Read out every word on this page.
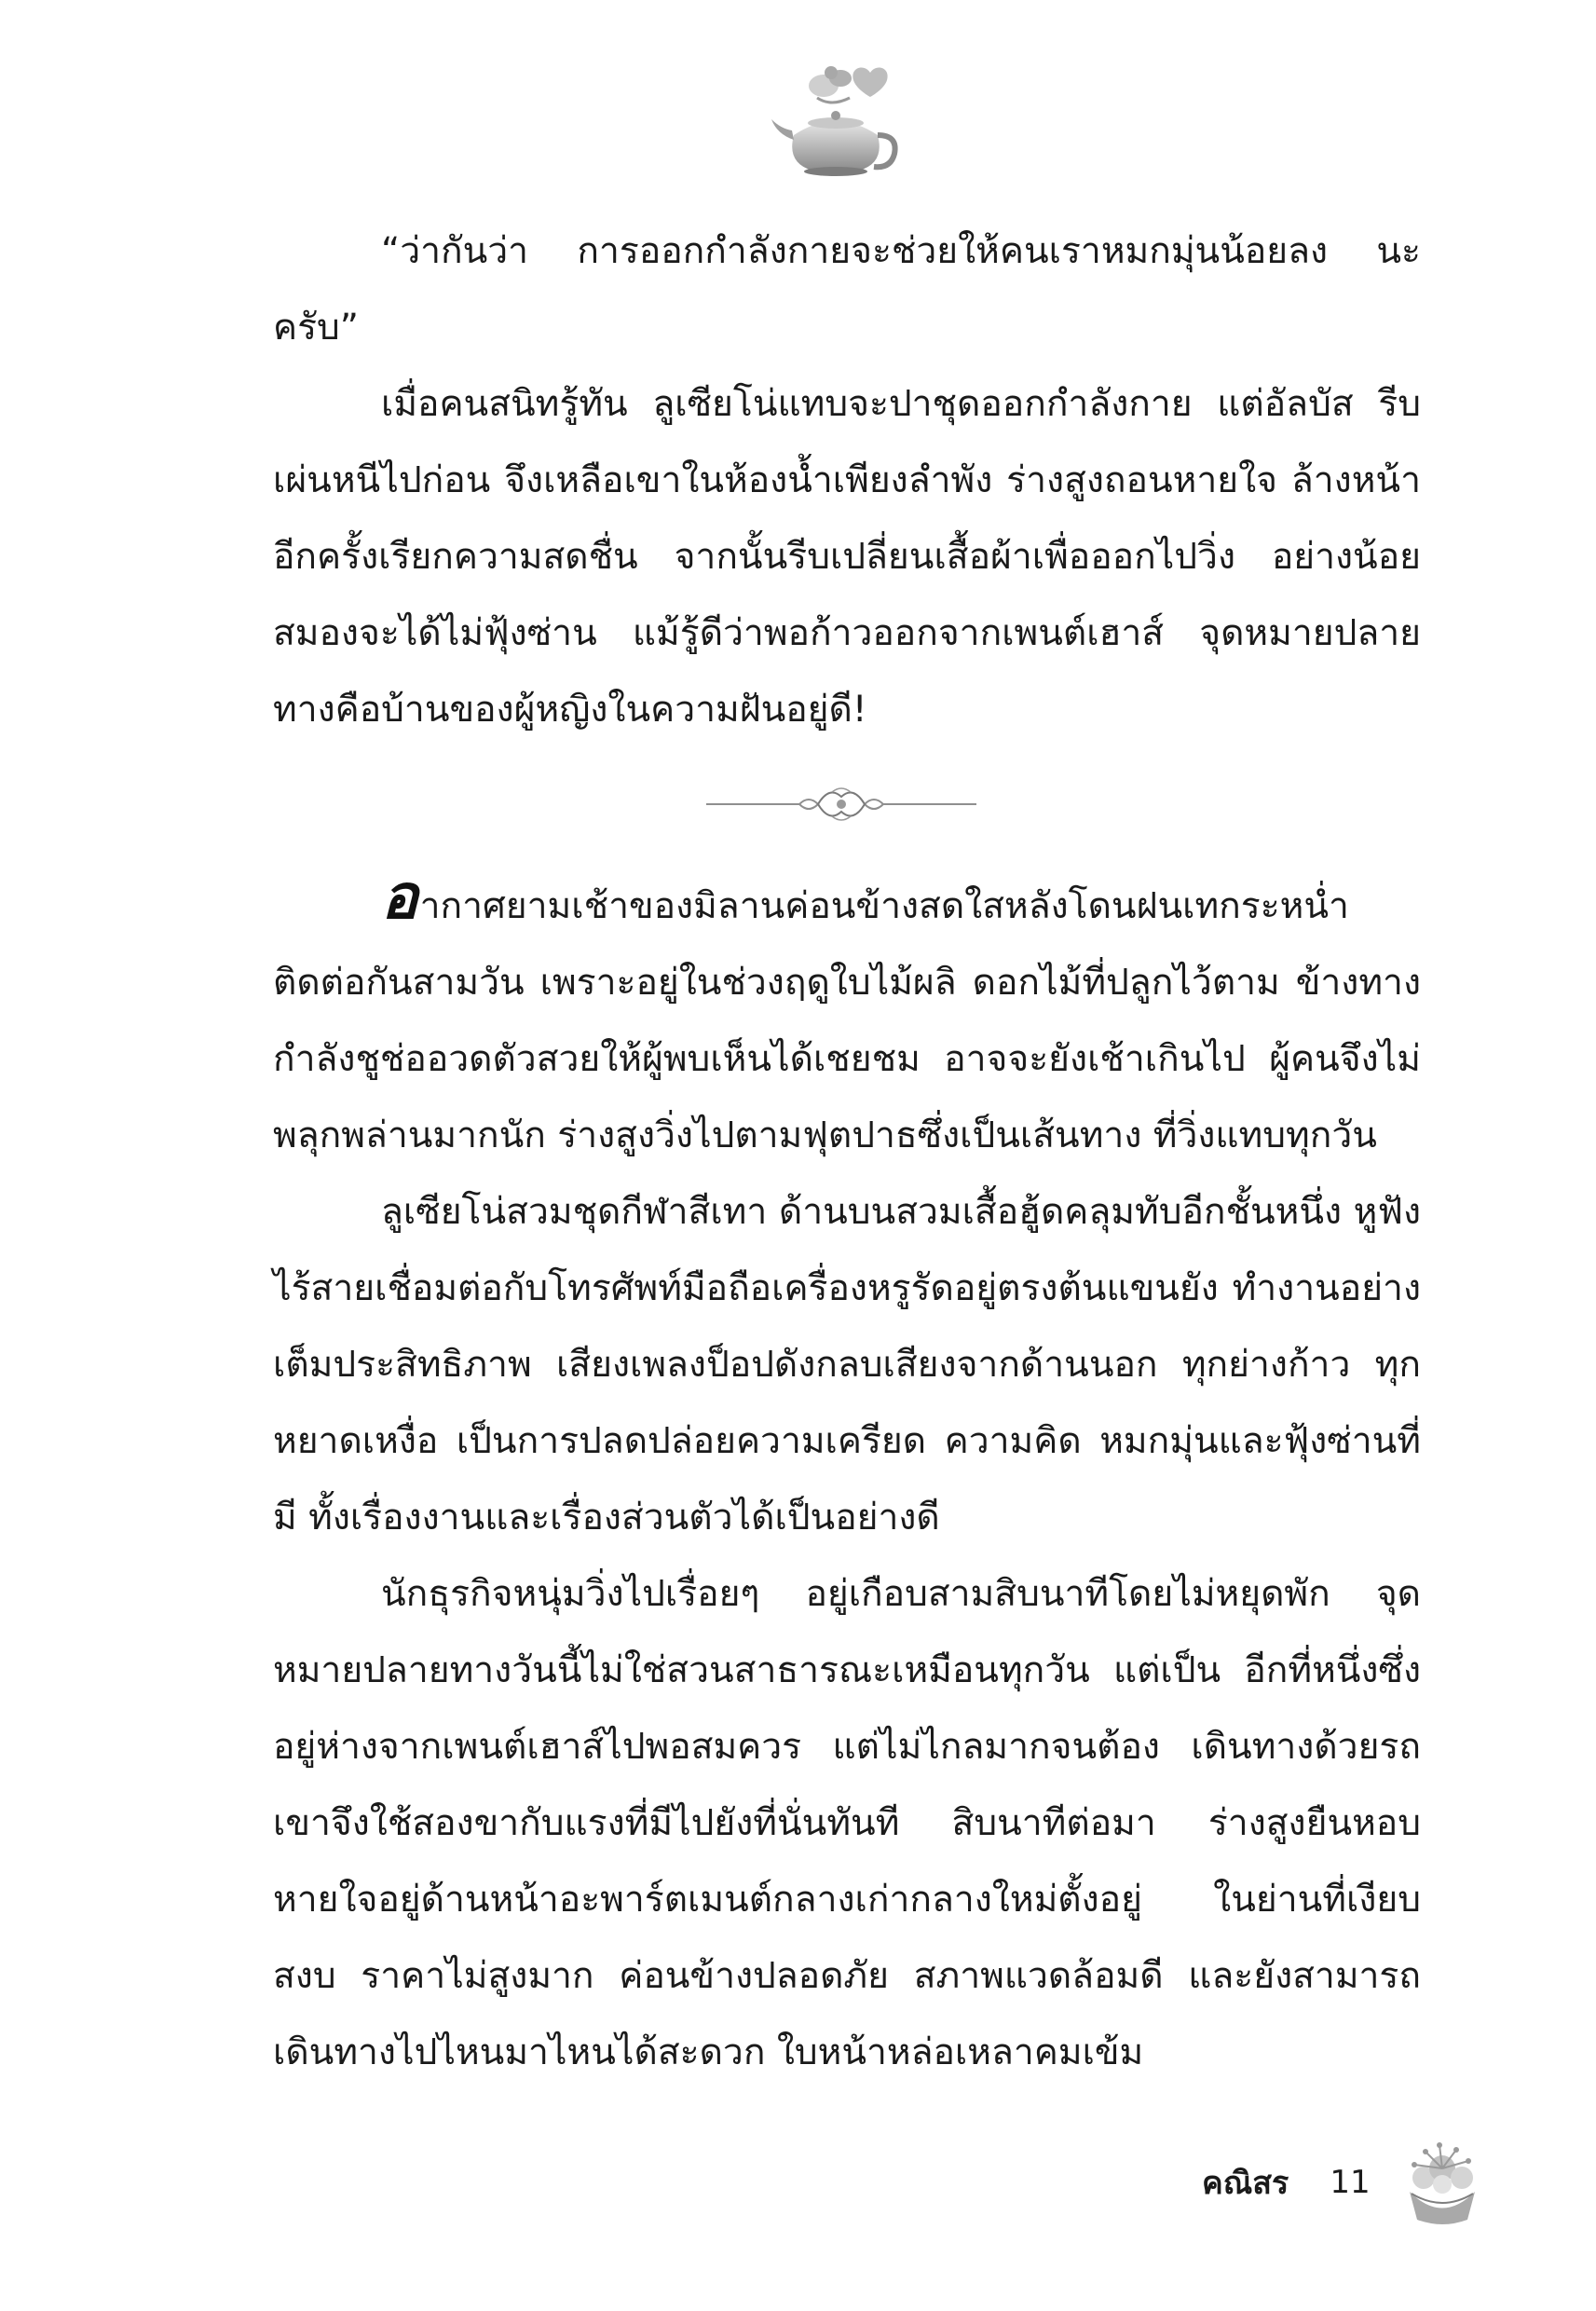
“ว่ากันว่า การออกกำลังกายจะช่วยให้คนเราหมกมุ่นน้อยลง นะครับ”

เมื่อคนสนิทรู้ทัน ลูเซียโน่แทบจะปาชุดออกกำลังกาย แต่อัลบัส รีบเผ่นหนีไปก่อน จึงเหลือเขาในห้องน้ำเพียงลำพัง ร่างสูงถอนหายใจ ล้างหน้าอีกครั้งเรียกความสดชื่น จากนั้นรีบเปลี่ยนเสื้อผ้าเพื่อออกไปวิ่ง อย่างน้อยสมองจะได้ไม่ฟุ้งซ่าน แม้รู้ดีว่าพอก้าวออกจากเพนต์เฮาส์ จุดหมายปลายทางคือบ้านของผู้หญิงในความฝันอยู่ดี!

อากาศยามเช้าของมิลานค่อนข้างสดใสหลังโดนฝนเทกระหน่ำ ติดต่อกันสามวัน เพราะอยู่ในช่วงฤดูใบไม้ผลิ ดอกไม้ที่ปลูกไว้ตาม ข้างทางกำลังชูช่ออวดตัวสวยให้ผู้พบเห็นได้เชยชม อาจจะยังเช้าเกินไป ผู้คนจึงไม่พลุกพล่านมากนัก ร่างสูงวิ่งไปตามฟุตปาธซึ่งเป็นเส้นทาง ที่วิ่งแทบทุกวัน

ลูเซียโน่สวมชุดกีฬาสีเทา ด้านบนสวมเสื้อฮู้ดคลุมทับอีกชั้นหนึ่ง หูฟังไร้สายเชื่อมต่อกับโทรศัพท์มือถือเครื่องหรูรัดอยู่ตรงต้นแขนยัง ทำงานอย่างเต็มประสิทธิภาพ เสียงเพลงป็อปดังกลบเสียงจากด้านนอก ทุกย่างก้าว ทุกหยาดเหงื่อ เป็นการปลดปล่อยความเครียด ความคิด หมกมุ่นและฟุ้งซ่านที่มี ทั้งเรื่องงานและเรื่องส่วนตัวได้เป็นอย่างดี

นักธุรกิจหนุ่มวิ่งไปเรื่อยๆ อยู่เกือบสามสิบนาทีโดยไม่หยุดพัก จุดหมายปลายทางวันนี้ไม่ใช่สวนสาธารณะเหมือนทุกวัน แต่เป็น อีกที่หนึ่งซึ่งอยู่ห่างจากเพนต์เฮาส์ไปพอสมควร แต่ไม่ไกลมากจนต้อง เดินทางด้วยรถ เขาจึงใช้สองขากับแรงที่มีไปยังที่นั่นทันที สิบนาทีต่อมา ร่างสูงยืนหอบหายใจอยู่ด้านหน้าอะพาร์ตเมนต์กลางเก่ากลางใหม่ตั้งอยู่ ในย่านที่เงียบสงบ ราคาไม่สูงมาก ค่อนข้างปลอดภัย สภาพแวดล้อมดี และยังสามารถเดินทางไปไหนมาไหนได้สะดวก ใบหน้าหล่อเหลาคมเข้ม

คณิสร 11
